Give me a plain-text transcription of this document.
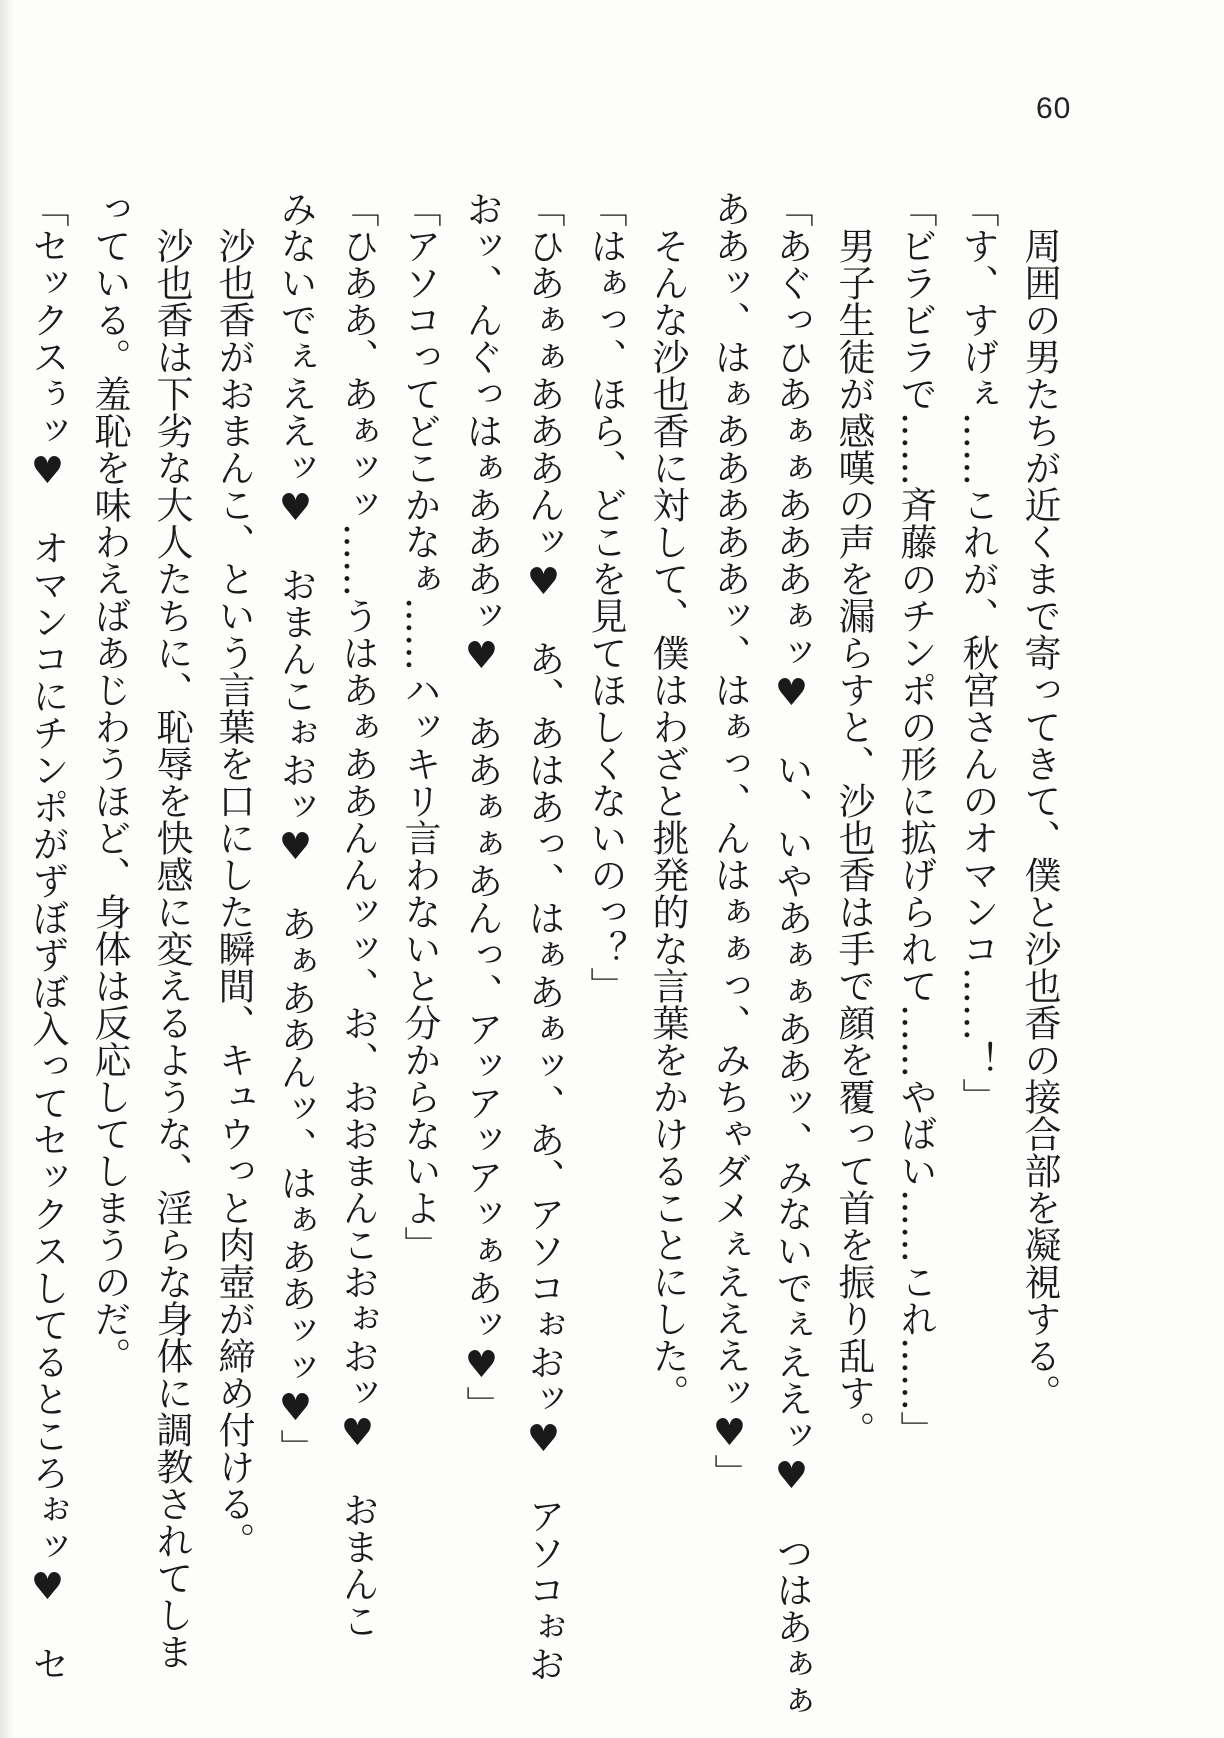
60

　周囲の男たちが近くまで寄ってきて、僕と沙也香の接合部を凝視する。

「す、すげぇ……これが、秋宮さんのオマンコ……！」

「ビラビラで……斉藤のチンポの形に拡げられて……やばい……これ……」

　男子生徒が感嘆の声を漏らすと、沙也香は手で顔を覆って首を振り乱す。

「あぐっひあぁぁあああぁッ♥　い、いやあぁぁああッ、みないでぇええッ♥　つはあぁぁ

ああッ、はぁあああああッ、はぁっ、んはぁぁっ、みちゃダメぇえええッ♥」

　そんな沙也香に対して、僕はわざと挑発的な言葉をかけることにした。

「はぁっ、ほら、どこを見てほしくないのっ？」

「ひあぁぁあああんッ♥　あ、あはあっ、はぁあぁッ、あ、アソコぉおッ♥　アソコぉお

おッ、んぐっはぁあああッ♥　ああぁぁあんっ、アッアッアッぁあッ♥」

「アソコってどこかなぁ……ハッキリ言わないと分からないよ」

「ひああ、あぁッッ……うはあぁああんんッッ、お、おおまんこおぉおッ♥　おまんこ

みないでぇええッ♥　おまんこぉおッ♥　あぁああんッ、はぁああッッ♥」

　沙也香がおまんこ、という言葉を口にした瞬間、キュウっと肉壺が締め付ける。

　沙也香は下劣な大人たちに、恥辱を快感に変えるような、淫らな身体に調教されてしま

っている。羞恥を味わえばあじわうほど、身体は反応してしまうのだ。

「セックスぅッ♥　オマンコにチンポがずぼずぼ入ってセックスしてるところぉッ♥　セ
